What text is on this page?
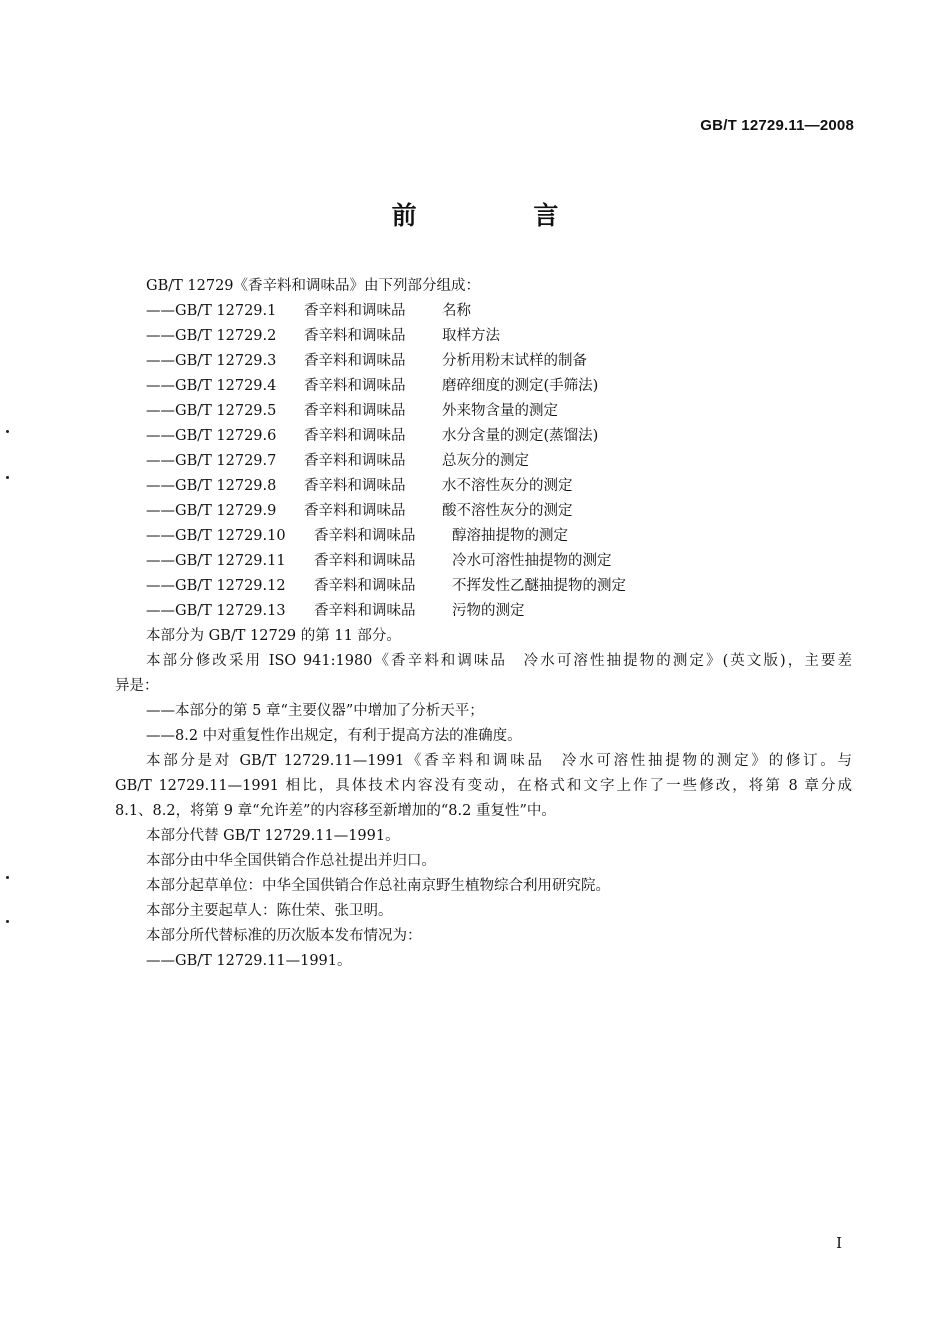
GB/T 12729.11—2008
前 言
GB/T 12729《香辛料和调味品》由下列部分组成：
——GB/T 12729.1 香辛料和调味品	名称
——GB/T 12729.2 香辛料和调味品	取样方法
——GB/T 12729.3 香辛料和调味品	分析用粉末试样的制备
——GB/T 12729.4 香辛料和调味品	磨碎细度的测定(手筛法)
——GB/T 12729.5 香辛料和调味品	外来物含量的测定
——GB/T 12729.6 香辛料和调味品	水分含量的测定(蒸馏法)
——GB/T 12729.7 香辛料和调味品	总灰分的测定
——GB/T 12729.8 香辛料和调味品	水不溶性灰分的测定
——GB/T 12729.9 香辛料和调味品	酸不溶性灰分的测定
——GB/T 12729.10 香辛料和调味品	醇溶抽提物的测定
——GB/T 12729.11 香辛料和调味品	冷水可溶性抽提物的测定
——GB/T 12729.12 香辛料和调味品	不挥发性乙醚抽提物的测定
——GB/T 12729.13 香辛料和调味品	污物的测定
本部分为 GB/T 12729 的第 11 部分。
本部分修改采用 ISO 941:1980《香辛料和调味品　冷水可溶性抽提物的测定》(英文版)，主要差
异是：
——本部分的第 5 章“主要仪器”中增加了分析天平；
——8.2 中对重复性作出规定，有利于提高方法的准确度。
本部分是对 GB/T 12729.11—1991《香辛料和调味品　冷水可溶性抽提物的测定》的修订。与
GB/T 12729.11—1991 相比，具体技术内容没有变动，在格式和文字上作了一些修改，将第 8 章分成
8.1、8.2，将第 9 章“允许差”的内容移至新增加的“8.2 重复性”中。
本部分代替 GB/T 12729.11—1991。
本部分由中华全国供销合作总社提出并归口。
本部分起草单位：中华全国供销合作总社南京野生植物综合利用研究院。
本部分主要起草人：陈仕荣、张卫明。
本部分所代替标准的历次版本发布情况为：
——GB/T 12729.11—1991。
I
